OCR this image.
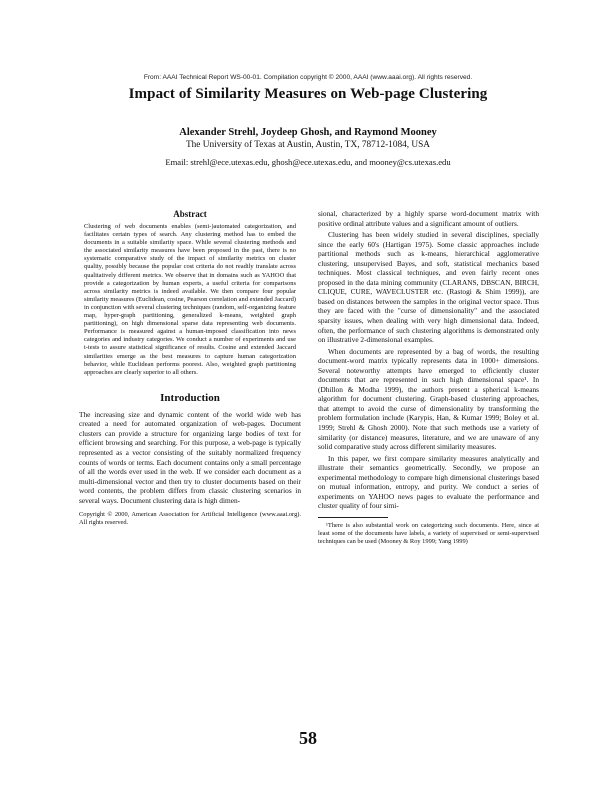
From: AAAI Technical Report WS-00-01. Compilation copyright © 2000, AAAI (www.aaai.org). All rights reserved.
Impact of Similarity Measures on Web-page Clustering
Alexander Strehl, Joydeep Ghosh, and Raymond Mooney
The University of Texas at Austin, Austin, TX, 78712-1084, USA
Email: strehl@ece.utexas.edu, ghosh@ece.utexas.edu, and mooney@cs.utexas.edu
Abstract
Clustering of web documents enables (semi-)automated categorization, and facilitates certain types of search. Any clustering method has to embed the documents in a suitable similarity space. While several clustering methods and the associated similarity measures have been proposed in the past, there is no systematic comparative study of the impact of similarity metrics on cluster quality, possibly because the popular cost criteria do not readily translate across qualitatively different metrics. We observe that in domains such as YAHOO that provide a categorization by human experts, a useful criteria for comparisons across similarity metrics is indeed available. We then compare four popular similarity measures (Euclidean, cosine, Pearson correlation and extended Jaccard) in conjunction with several clustering techniques (random, self-organizing feature map, hyper-graph partitioning, generalized k-means, weighted graph partitioning), on high dimensional sparse data representing web documents. Performance is measured against a human-imposed classification into news categories and industry categories. We conduct a number of experiments and use t-tests to assure statistical significance of results. Cosine and extended Jaccard similarities emerge as the best measures to capture human categorization behavior, while Euclidean performs poorest. Also, weighted graph partitioning approaches are clearly superior to all others.
Introduction

The increasing size and dynamic content of the world wide web has created a need for automated organization of web-pages. Document clusters can provide a structure for organizing large bodies of text for efficient browsing and searching. For this purpose, a web-page is typically represented as a vector consisting of the suitably normalized frequency counts of words or terms. Each document contains only a small percentage of all the words ever used in the web. If we consider each document as a multi-dimensional vector and then try to cluster documents based on their word contents, the problem differs from classic clustering scenarios in several ways. Document clustering data is high dimen-

Copyright © 2000, American Association for Artificial Intelligence (www.aaai.org). All rights reserved.

sional, characterized by a highly sparse word-document matrix with positive ordinal attribute values and a significant amount of outliers.

Clustering has been widely studied in several disciplines, specially since the early 60's (Hartigan 1975). Some classic approaches include partitional methods such as k-means, hierarchical agglomerative clustering, unsupervised Bayes, and soft, statistical mechanics based techniques. Most classical techniques, and even fairly recent ones proposed in the data mining community (CLARANS, DBSCAN, BIRCH, CLIQUE, CURE, WAVECLUSTER etc. (Rastogi & Shim 1999)), are based on distances between the samples in the original vector space. Thus they are faced with the "curse of dimensionality" and the associated sparsity issues, when dealing with very high dimensional data. Indeed, often, the performance of such clustering algorithms is demonstrated only on illustrative 2-dimensional examples.

When documents are represented by a bag of words, the resulting document-word matrix typically represents data in 1000+ dimensions. Several noteworthy attempts have emerged to efficiently cluster documents that are represented in such high dimensional space¹. In (Dhillon & Modha 1999), the authors present a spherical k-means algorithm for document clustering. Graph-based clustering approaches, that attempt to avoid the curse of dimensionality by transforming the problem formulation include (Karypis, Han, & Kumar 1999; Boley et al. 1999; Strehl & Ghosh 2000). Note that such methods use a variety of similarity (or distance) measures, literature, and we are unaware of any solid comparative study across different similarity measures.

In this paper, we first compare similarity measures analytically and illustrate their semantics geometrically. Secondly, we propose an experimental methodology to compare high dimensional clusterings based on mutual information, entropy, and purity. We conduct a series of experiments on YAHOO news pages to evaluate the performance and cluster quality of four simi-

¹There is also substantial work on categorizing such documents. Here, since at least some of the documents have labels, a variety of supervised or semi-supervised techniques can be used (Mooney & Roy 1999; Yang 1999)
58
